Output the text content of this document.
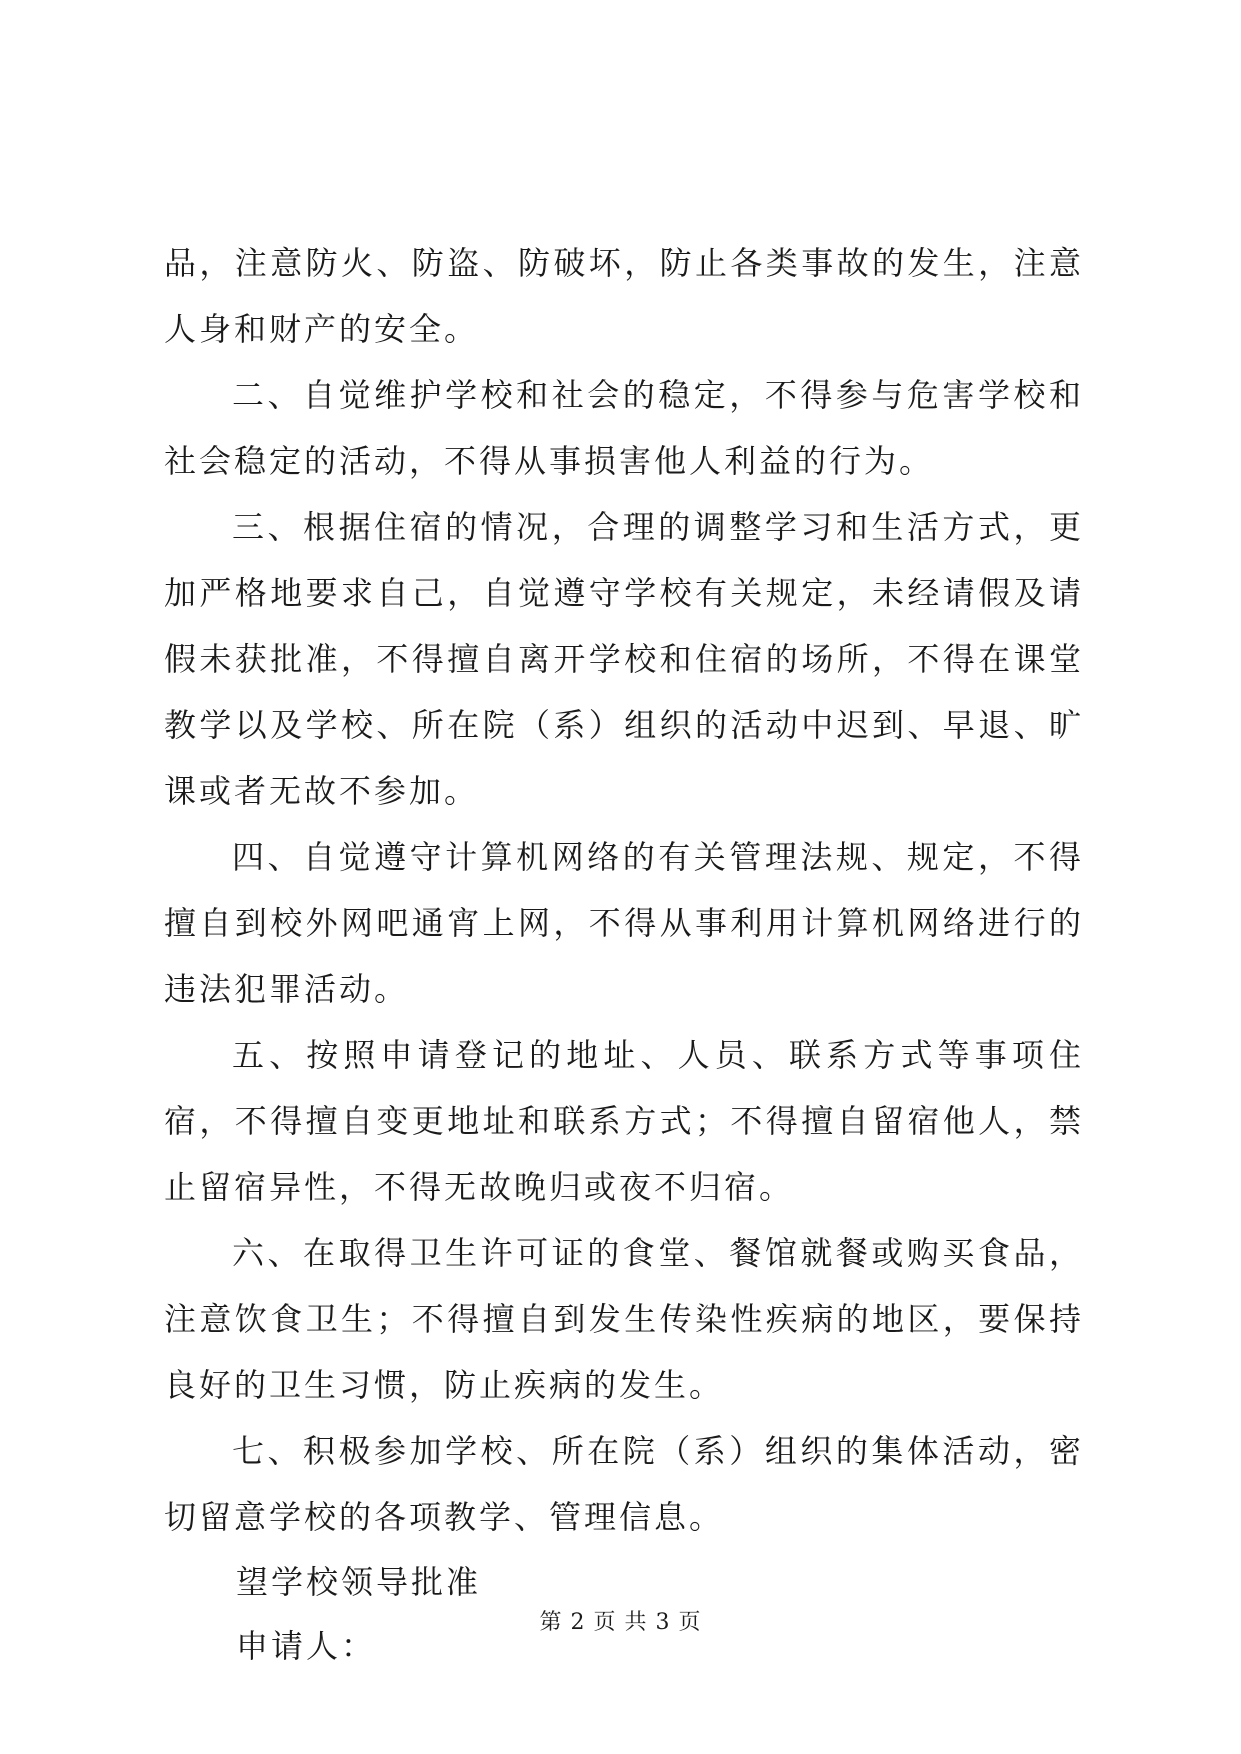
品，注意防火、防盗、防破坏，防止各类事故的发生，注意人身和财产的安全。

二、自觉维护学校和社会的稳定，不得参与危害学校和社会稳定的活动，不得从事损害他人利益的行为。

三、根据住宿的情况，合理的调整学习和生活方式，更加严格地要求自己，自觉遵守学校有关规定，未经请假及请假未获批准，不得擅自离开学校和住宿的场所，不得在课堂教学以及学校、所在院（系）组织的活动中迟到、早退、旷课或者无故不参加。

四、自觉遵守计算机网络的有关管理法规、规定，不得擅自到校外网吧通宵上网，不得从事利用计算机网络进行的违法犯罪活动。

五、按照申请登记的地址、人员、联系方式等事项住宿，不得擅自变更地址和联系方式；不得擅自留宿他人，禁止留宿异性，不得无故晚归或夜不归宿。

六、在取得卫生许可证的食堂、餐馆就餐或购买食品，注意饮食卫生；不得擅自到发生传染性疾病的地区，要保持良好的卫生习惯，防止疾病的发生。

七、积极参加学校、所在院（系）组织的集体活动，密切留意学校的各项教学、管理信息。

望学校领导批准

申请人：

第 2 页 共 3 页
